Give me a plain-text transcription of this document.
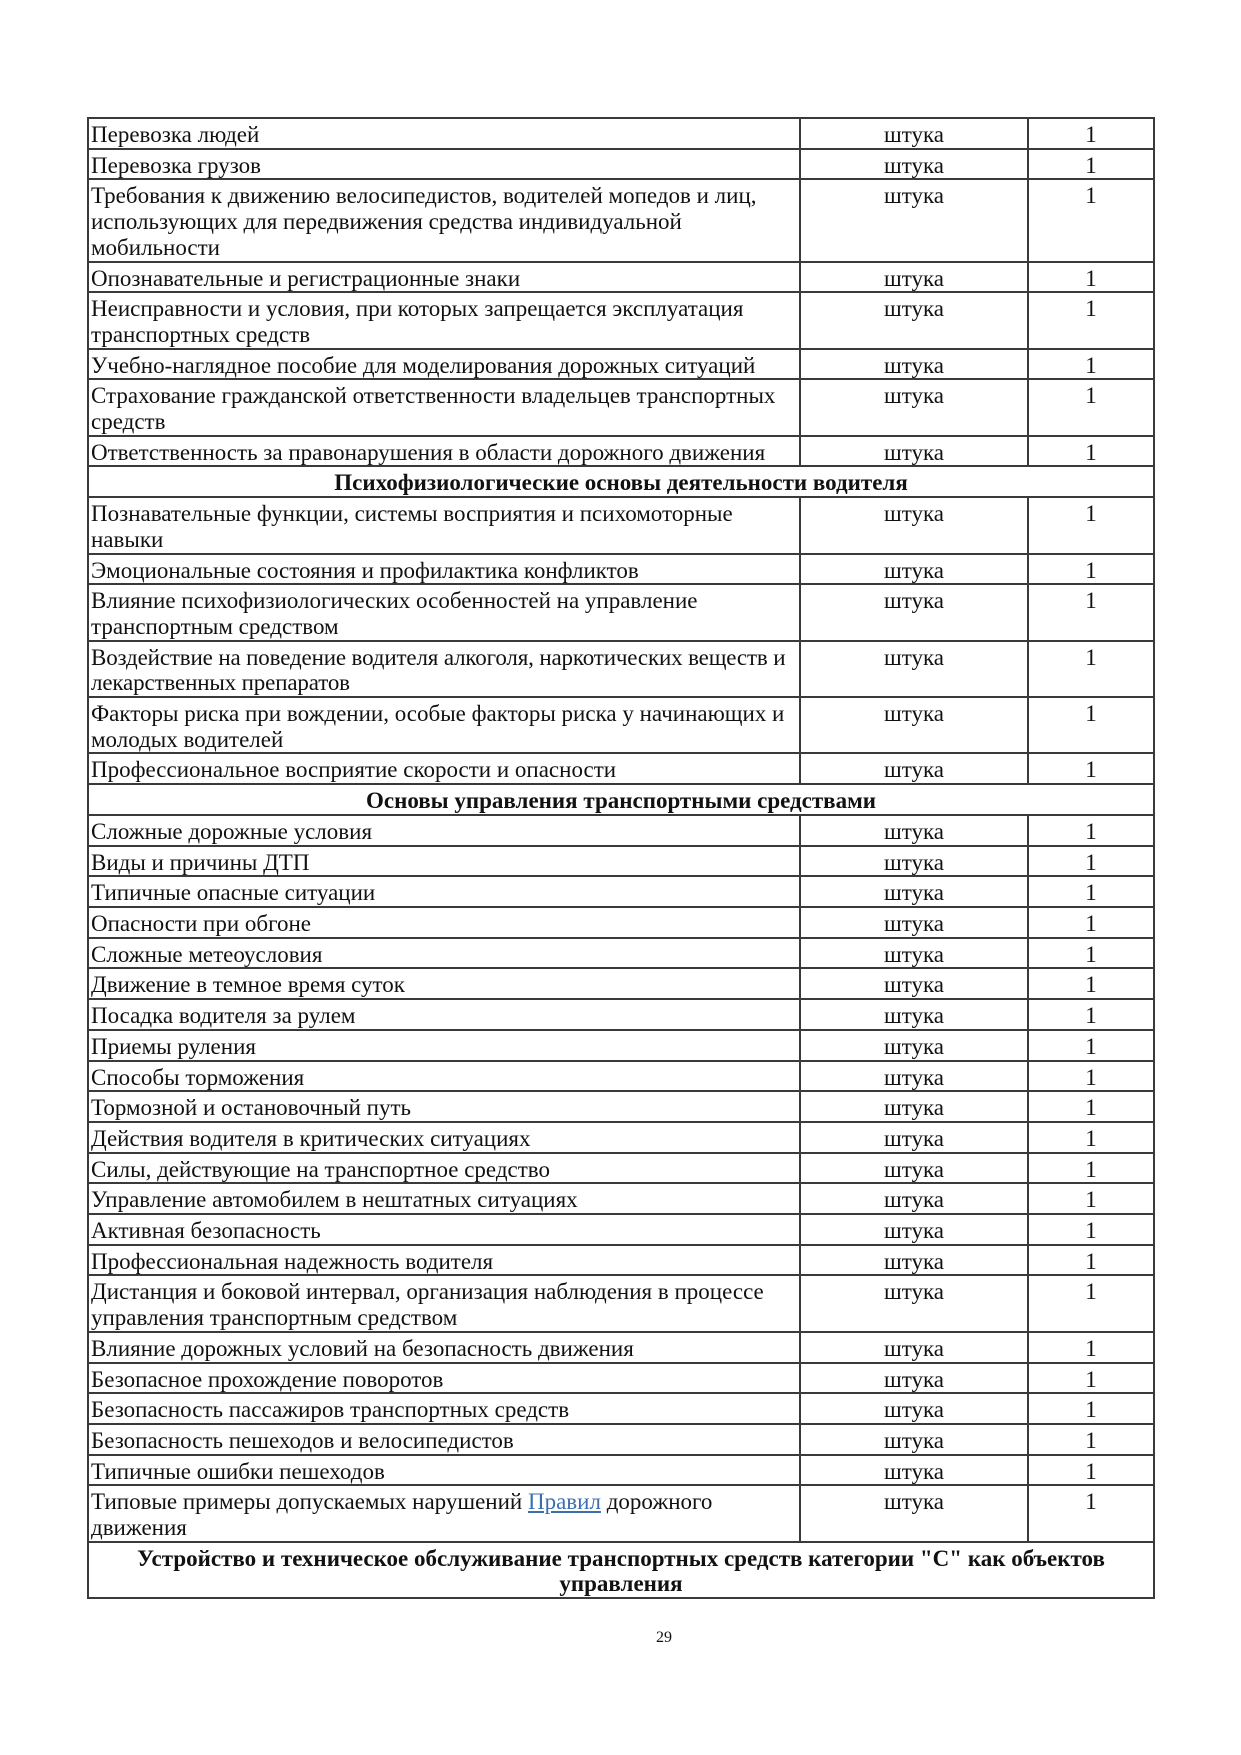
Перевозка людей	штука	1
Перевозка грузов	штука	1
Требования к движению велосипедистов, водителей мопедов и лиц, использующих для передвижения средства индивидуальной мобильности	штука	1
Опознавательные и регистрационные знаки	штука	1
Неисправности и условия, при которых запрещается эксплуатация транспортных средств	штука	1
Учебно-наглядное пособие для моделирования дорожных ситуаций	штука	1
Страхование гражданской ответственности владельцев транспортных средств	штука	1
Ответственность за правонарушения в области дорожного движения	штука	1
Психофизиологические основы деятельности водителя		
Познавательные функции, системы восприятия и психомоторные навыки	штука	1
Эмоциональные состояния и профилактика конфликтов	штука	1
Влияние психофизиологических особенностей на управление транспортным средством	штука	1
Воздействие на поведение водителя алкоголя, наркотических веществ и лекарственных препаратов	штука	1
Факторы риска при вождении, особые факторы риска у начинающих и молодых водителей	штука	1
Профессиональное восприятие скорости и опасности	штука	1
Основы управления транспортными средствами		
Сложные дорожные условия	штука	1
Виды и причины ДТП	штука	1
Типичные опасные ситуации	штука	1
Опасности при обгоне	штука	1
Сложные метеоусловия	штука	1
Движение в темное время суток	штука	1
Посадка водителя за рулем	штука	1
Приемы руления	штука	1
Способы торможения	штука	1
Тормозной и остановочный путь	штука	1
Действия водителя в критических ситуациях	штука	1
Силы, действующие на транспортное средство	штука	1
Управление автомобилем в нештатных ситуациях	штука	1
Активная безопасность	штука	1
Профессиональная надежность водителя	штука	1
Дистанция и боковой интервал, организация наблюдения в процессе управления транспортным средством	штука	1
Влияние дорожных условий на безопасность движения	штука	1
Безопасное прохождение поворотов	штука	1
Безопасность пассажиров транспортных средств	штука	1
Безопасность пешеходов и велосипедистов	штука	1
Типичные ошибки пешеходов	штука	1
Типовые примеры допускаемых нарушений Правил дорожного движения	штука	1
Устройство и техническое обслуживание транспортных средств категории "С" как объектов управления		
29
